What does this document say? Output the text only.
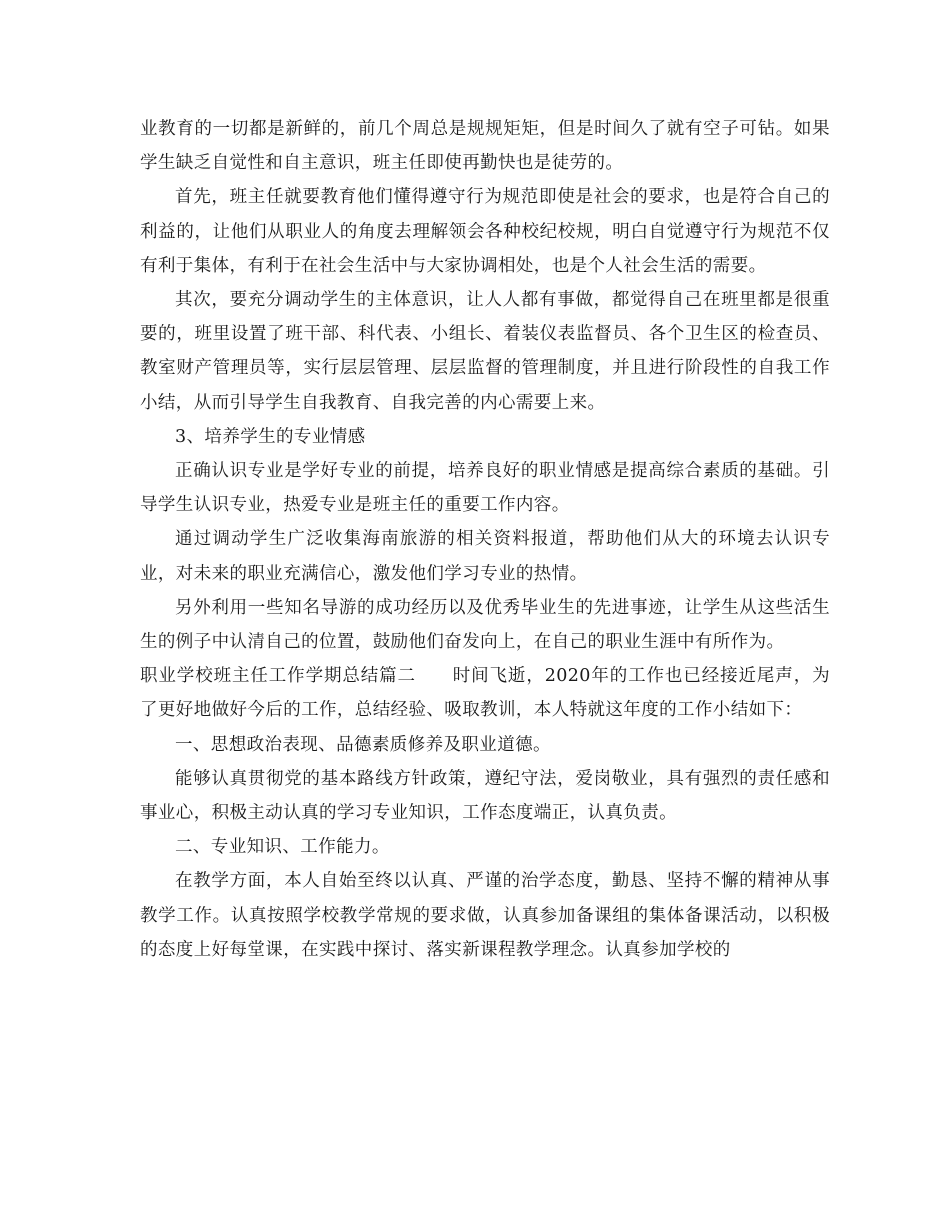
业教育的一切都是新鲜的，前几个周总是规规矩矩，但是时间久了就有空子可钻。如果学生缺乏自觉性和自主意识，班主任即使再勤快也是徒劳的。

首先，班主任就要教育他们懂得遵守行为规范即使是社会的要求，也是符合自己的利益的，让他们从职业人的角度去理解领会各种校纪校规，明白自觉遵守行为规范不仅有利于集体，有利于在社会生活中与大家协调相处，也是个人社会生活的需要。

其次，要充分调动学生的主体意识，让人人都有事做，都觉得自己在班里都是很重要的，班里设置了班干部、科代表、小组长、着装仪表监督员、各个卫生区的检查员、教室财产管理员等，实行层层管理、层层监督的管理制度，并且进行阶段性的自我工作小结，从而引导学生自我教育、自我完善的内心需要上来。

3、培养学生的专业情感

正确认识专业是学好专业的前提，培养良好的职业情感是提高综合素质的基础。引导学生认识专业，热爱专业是班主任的重要工作内容。

通过调动学生广泛收集海南旅游的相关资料报道，帮助他们从大的环境去认识专业，对未来的职业充满信心，激发他们学习专业的热情。

另外利用一些知名导游的成功经历以及优秀毕业生的先进事迹，让学生从这些活生生的例子中认清自己的位置，鼓励他们奋发向上，在自己的职业生涯中有所作为。

职业学校班主任工作学期总结篇二　　时间飞逝，2020年的工作也已经接近尾声，为了更好地做好今后的工作，总结经验、吸取教训，本人特就这年度的工作小结如下：

一、思想政治表现、品德素质修养及职业道德。

能够认真贯彻党的基本路线方针政策，遵纪守法，爱岗敬业，具有强烈的责任感和事业心，积极主动认真的学习专业知识，工作态度端正，认真负责。

二、专业知识、工作能力。

在教学方面，本人自始至终以认真、严谨的治学态度，勤恳、坚持不懈的精神从事教学工作。认真按照学校教学常规的要求做，认真参加备课组的集体备课活动，以积极的态度上好每堂课，在实践中探讨、落实新课程教学理念。认真参加学校的
